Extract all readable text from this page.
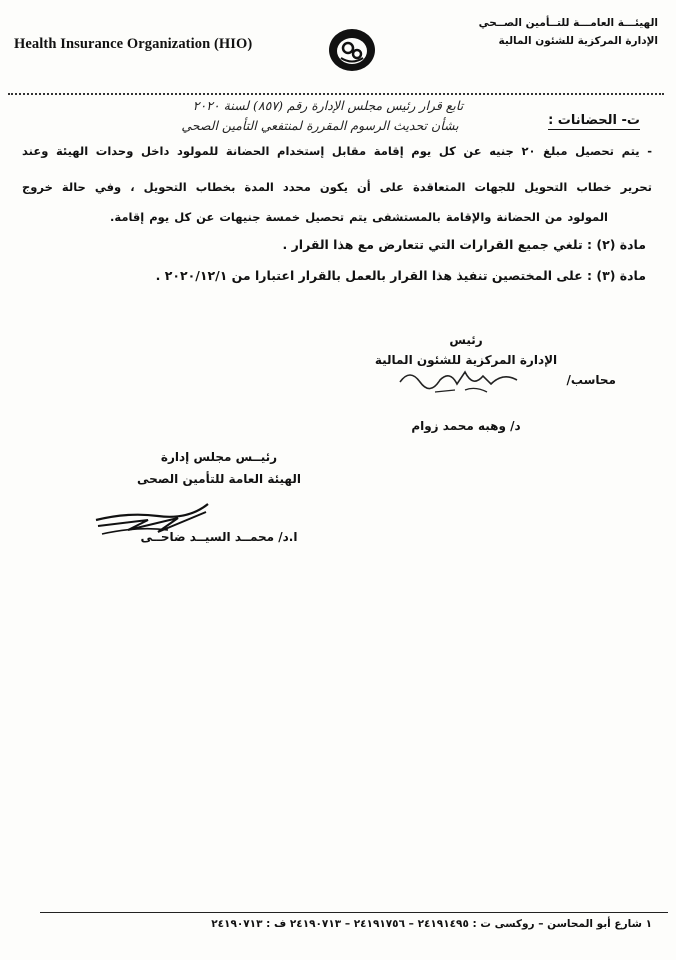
Health Insurance Organization (HIO)
الهيئـــة العامـــة للتــأمين الصــحي
الإدارة المركزية للشئون المالية
تابع قرار رئيس مجلس الإدارة رقم (٨٥٧) لسنة ٢٠٢٠
بشأن تحديث الرسوم المقررة لمنتفعي التأمين الصحي	ت- الحضانات :
- يتم تحصيل مبلغ ٢٠ جنيه عن كل يوم إقامة مقابل إستخدام الحضانة للمولود داخل وحدات الهيئة وعند
تحرير خطاب التحويل للجهات المتعاقدة على أن يكون محدد المدة بخطاب التحويل ، وفي حالة خروج
المولود من الحضانة والإقامة بالمستشفى يتم تحصيل خمسة جنيهات عن كل يوم إقامة.
مادة (٢) : تلغي جميع القرارات التي تتعارض مع هذا القرار .
مادة (٣) : على المختصين تنفيذ هذا القرار بالعمل بالقرار اعتبارا من ٢٠٢٠/١٢/١ .
رئيس
الإدارة المركزية للشئون المالية
محاسب/
د/ وهبه محمد زوام
رئيــس مجلس إدارة
الهيئة العامة للتأمين الصحى
ا.د/ محمــد السيــد ضاحــى
١ شارع أبو المحاسن – روكسى ت : ٢٤١٩١٤٩٥ – ٢٤١٩١٧٥٦ – ٢٤١٩٠٧١٣ ف : ٢٤١٩٠٧١٣
